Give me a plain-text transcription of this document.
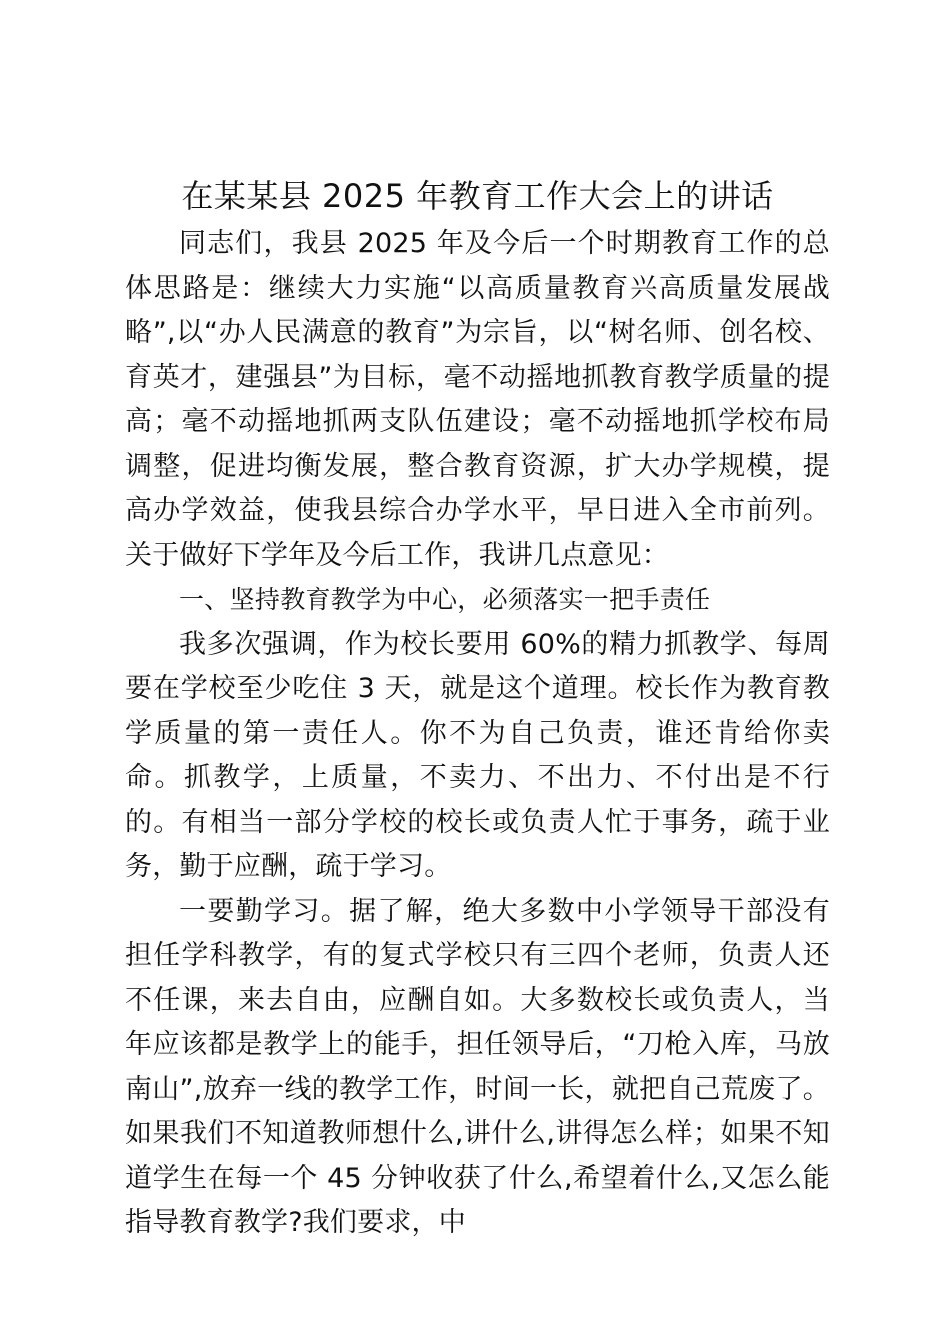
在某某县 2025 年教育工作大会上的讲话

同志们，我县 2025 年及今后一个时期教育工作的总体思路是：继续大力实施“以高质量教育兴高质量发展战略”,以“办人民满意的教育”为宗旨，以“树名师、创名校、育英才，建强县”为目标，毫不动摇地抓教育教学质量的提高；毫不动摇地抓两支队伍建设；毫不动摇地抓学校布局调整，促进均衡发展，整合教育资源，扩大办学规模，提高办学效益，使我县综合办学水平，早日进入全市前列。关于做好下学年及今后工作，我讲几点意见：

一、坚持教育教学为中心，必须落实一把手责任

我多次强调，作为校长要用 60%的精力抓教学、每周要在学校至少吃住 3 天，就是这个道理。校长作为教育教学质量的第一责任人。你不为自己负责，谁还肯给你卖命。抓教学，上质量，不卖力、不出力、不付出是不行的。有相当一部分学校的校长或负责人忙于事务，疏于业务，勤于应酬，疏于学习。

一要勤学习。据了解，绝大多数中小学领导干部没有担任学科教学，有的复式学校只有三四个老师，负责人还不任课，来去自由，应酬自如。大多数校长或负责人，当年应该都是教学上的能手，担任领导后，“刀枪入库，马放南山”,放弃一线的教学工作，时间一长，就把自己荒废了。如果我们不知道教师想什么,讲什么,讲得怎么样；如果不知道学生在每一个 45 分钟收获了什么,希望着什么,又怎么能指导教育教学?我们要求，中
